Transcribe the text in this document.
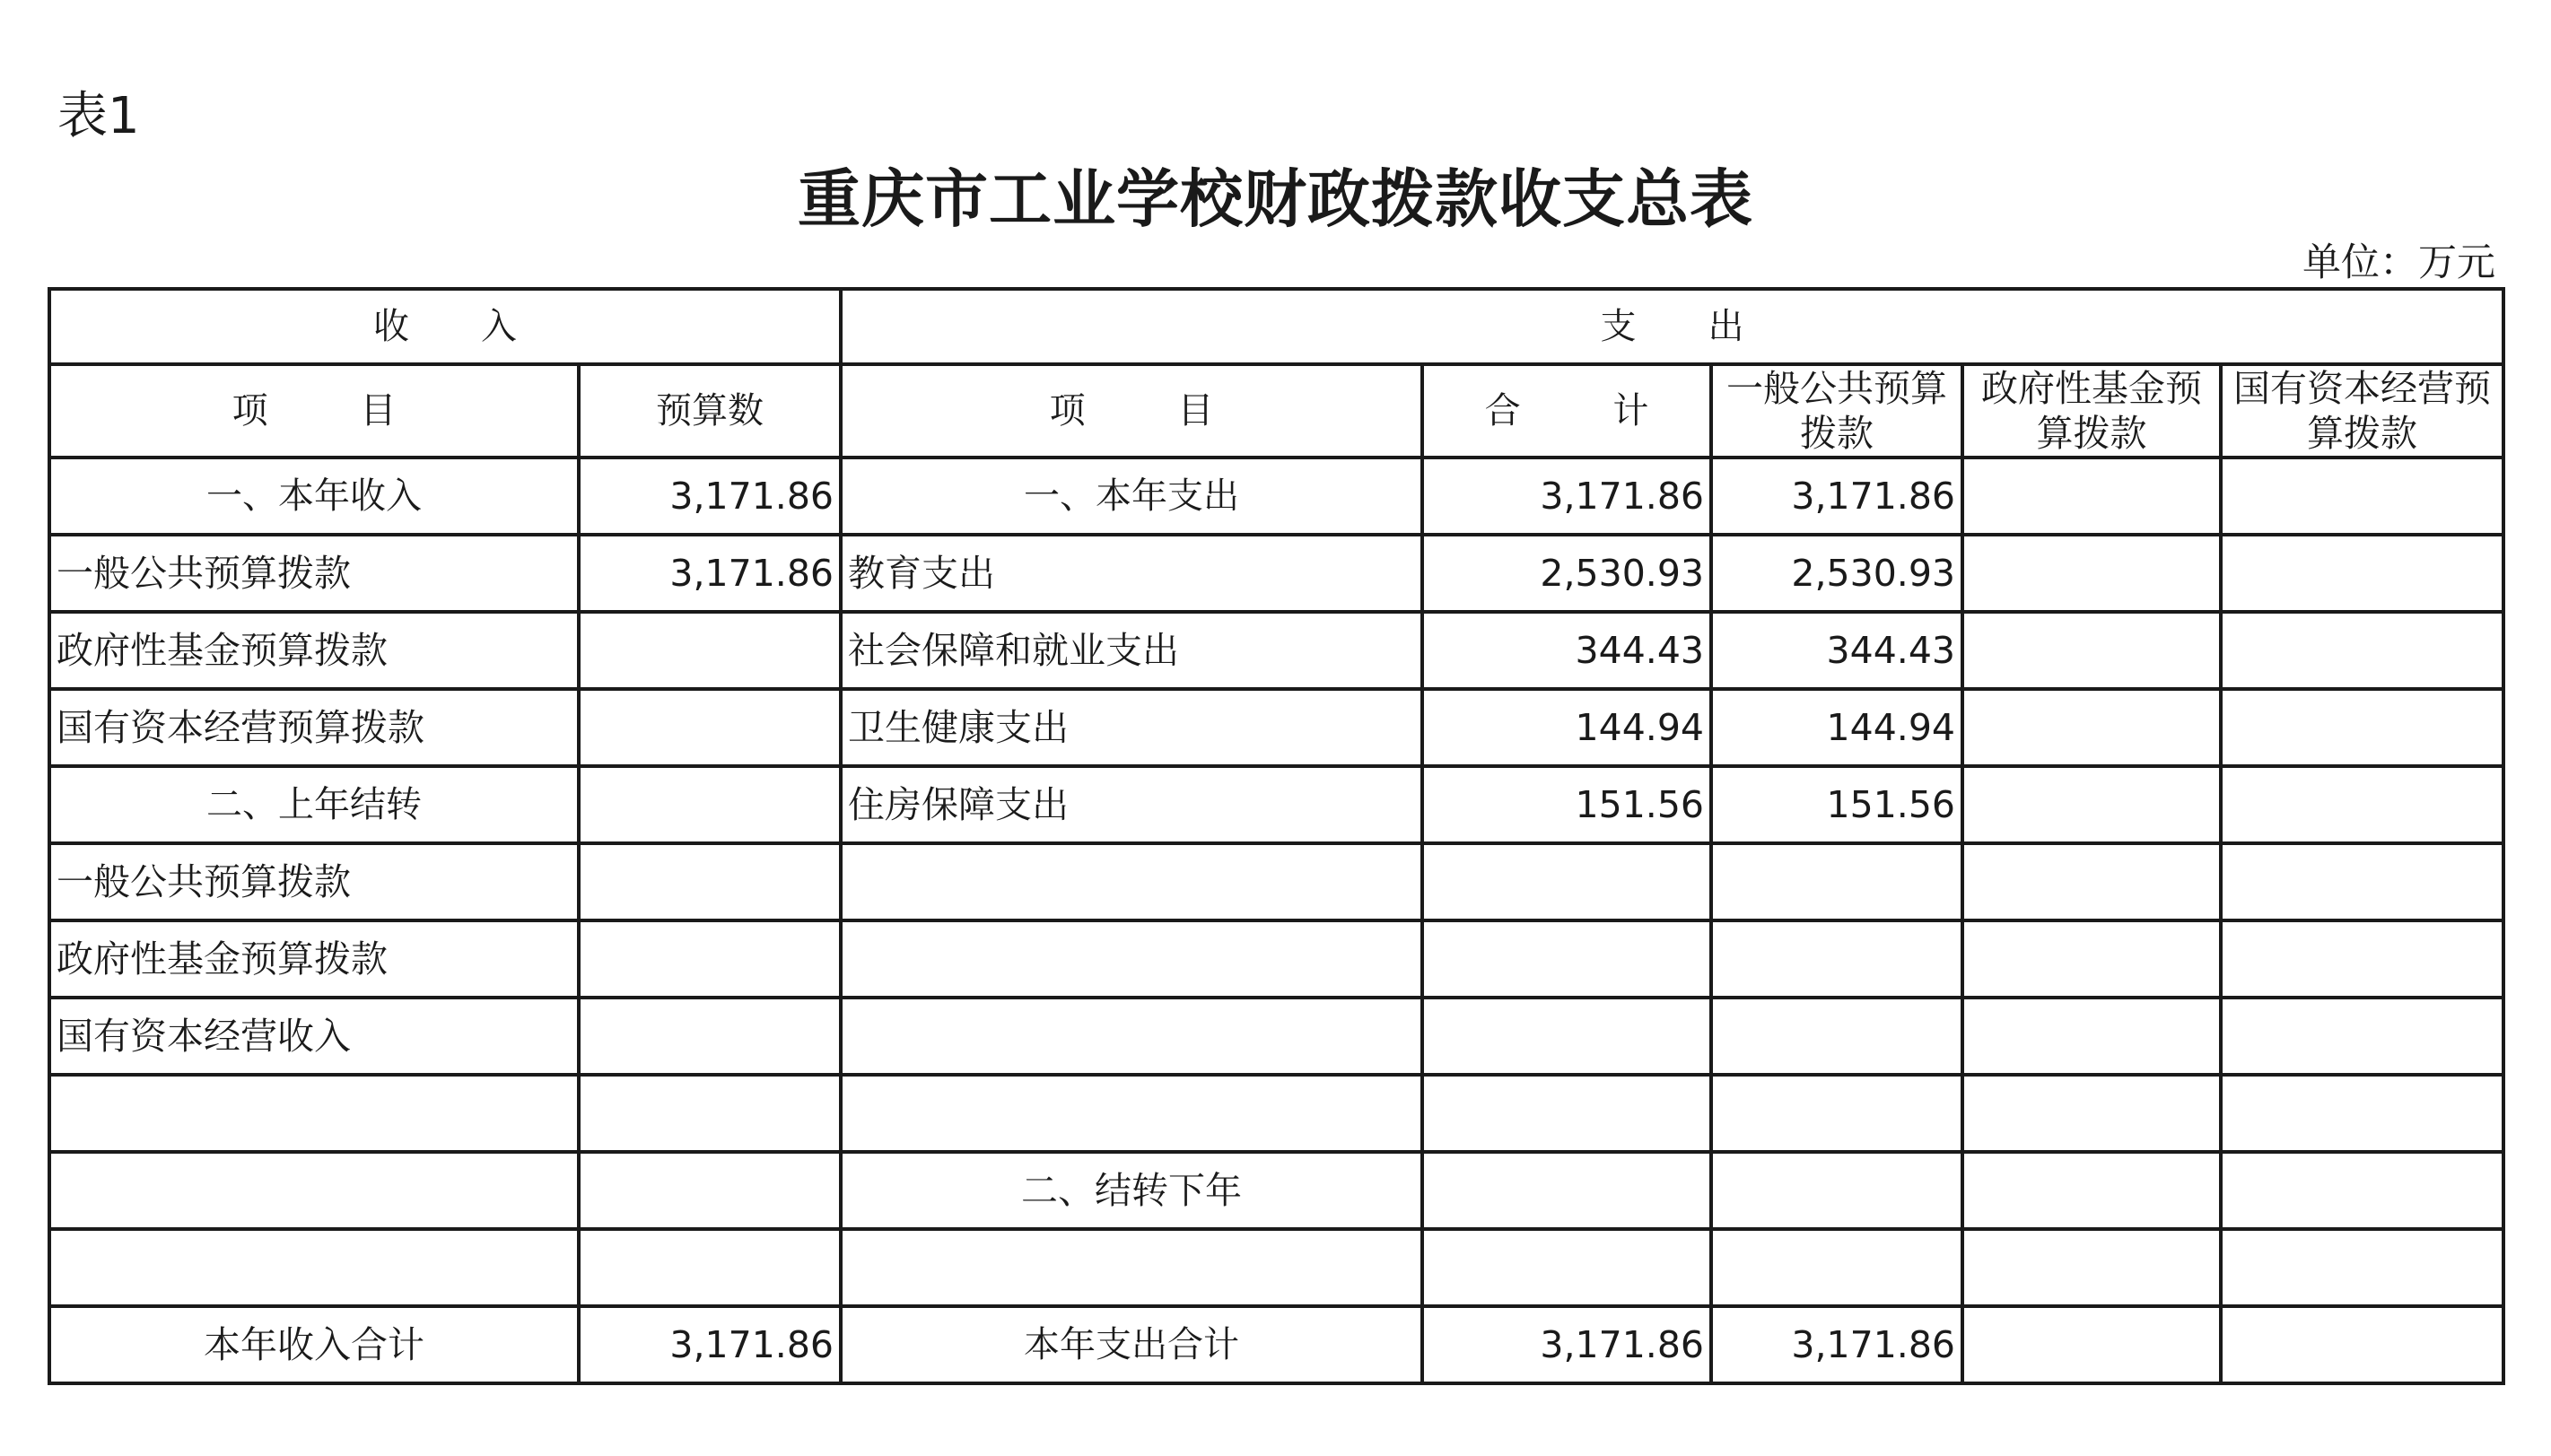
表1
重庆市工业学校财政拨款收支总表
单位：万元
收　　入		支　　出				
项 目	预算数	项 目	合 计	一般公共预算拨款	政府性基金预算拨款	国有资本经营预算拨款
一、本年收入	3,171.86	一、本年支出	3,171.86	3,171.86		
一般公共预算拨款	3,171.86	教育支出	2,530.93	2,530.93		
政府性基金预算拨款		社会保障和就业支出	344.43	344.43		
国有资本经营预算拨款		卫生健康支出	144.94	144.94		
二、上年结转		住房保障支出	151.56	151.56		
一般公共预算拨款						
政府性基金预算拨款						
国有资本经营收入						

		二、结转下年				

本年收入合计	3,171.86	本年支出合计	3,171.86	3,171.86		
